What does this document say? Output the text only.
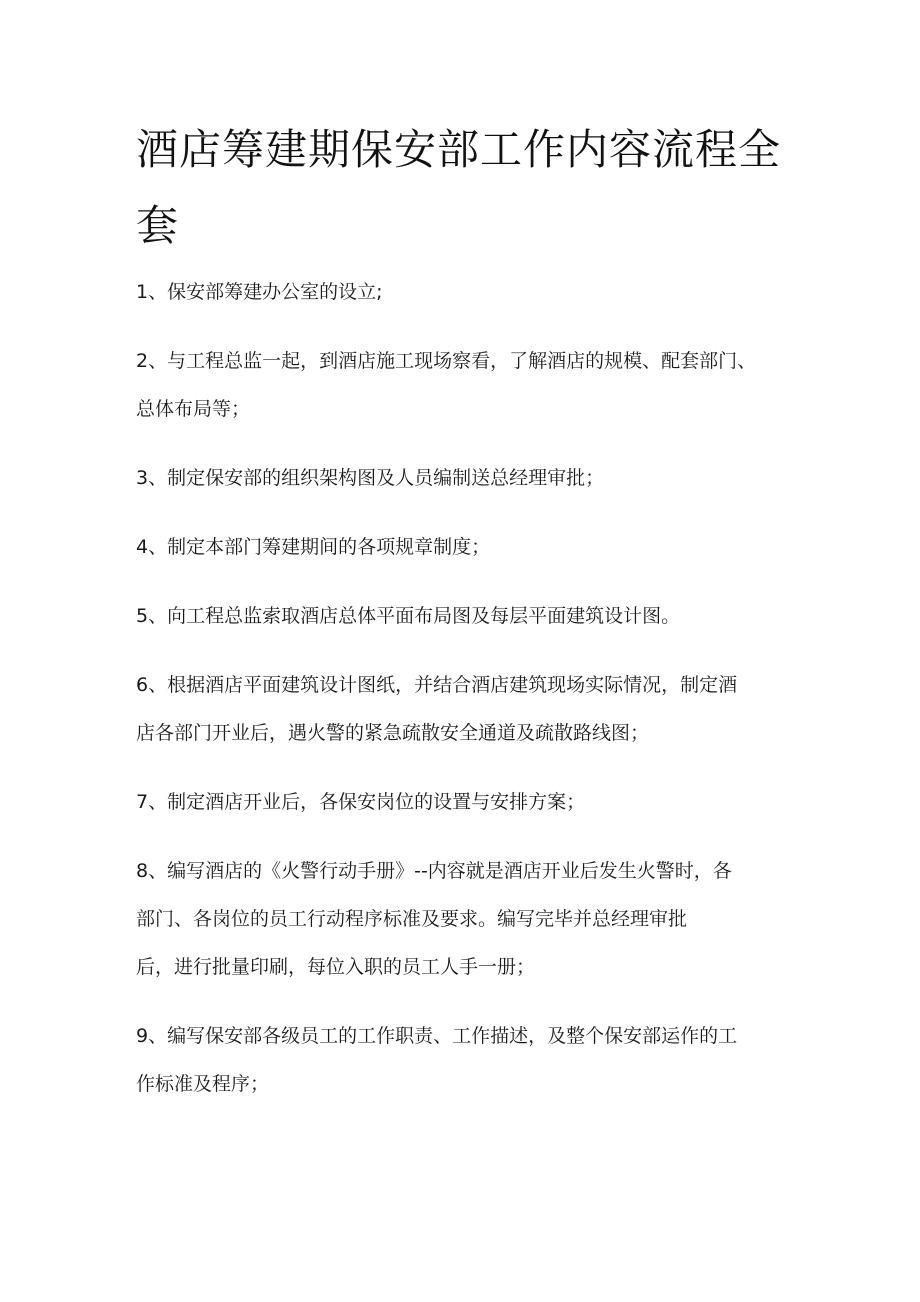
酒店筹建期保安部工作内容流程全套
1、保安部筹建办公室的设立;
2、与工程总监一起，到酒店施工现场察看，了解酒店的规模、配套部门、
总体布局等；
3、制定保安部的组织架构图及人员编制送总经理审批；
4、制定本部门筹建期间的各项规章制度；
5、向工程总监索取酒店总体平面布局图及每层平面建筑设计图。
6、根据酒店平面建筑设计图纸，并结合酒店建筑现场实际情况，制定酒
店各部门开业后，遇火警的紧急疏散安全通道及疏散路线图；
7、制定酒店开业后，各保安岗位的设置与安排方案；
8、编写酒店的《火警行动手册》--内容就是酒店开业后发生火警时，各
部门、各岗位的员工行动程序标准及要求。编写完毕并总经理审批
后，进行批量印刷，每位入职的员工人手一册；
9、编写保安部各级员工的工作职责、工作描述，及整个保安部运作的工
作标准及程序；
